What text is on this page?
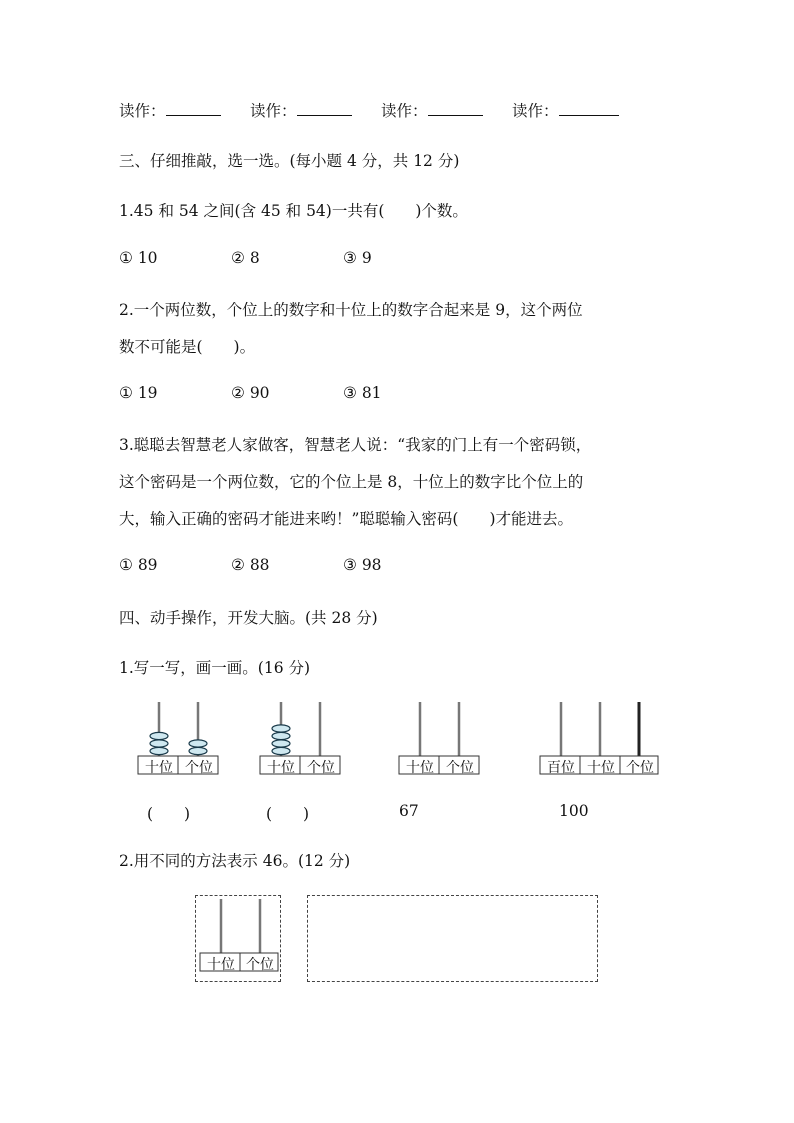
读作：	读作：	读作：	读作：
三、仔细推敲，选一选。(每小题 4 分，共 12 分)
1.45 和 54 之间(含 45 和 54)一共有(　　)个数。
① 10	② 8	③ 9
2.一个两位数，个位上的数字和十位上的数字合起来是 9，这个两位
数不可能是(　　)。
① 19	② 90	③ 81
3.聪聪去智慧老人家做客，智慧老人说：“我家的门上有一个密码锁，
这个密码是一个两位数，它的个位上是 8，十位上的数字比个位上的
大，输入正确的密码才能进来哟！”聪聪输入密码(　　)才能进去。
① 89	② 88	③ 98
四、动手操作，开发大脑。(共 28 分)
1.写一写，画一画。(16 分)
十位 个位	十位 个位	十位 个位	百位 十位 个位
(　　)	(　　)	67	100
2.用不同的方法表示 46。(12 分)
十位 个位
